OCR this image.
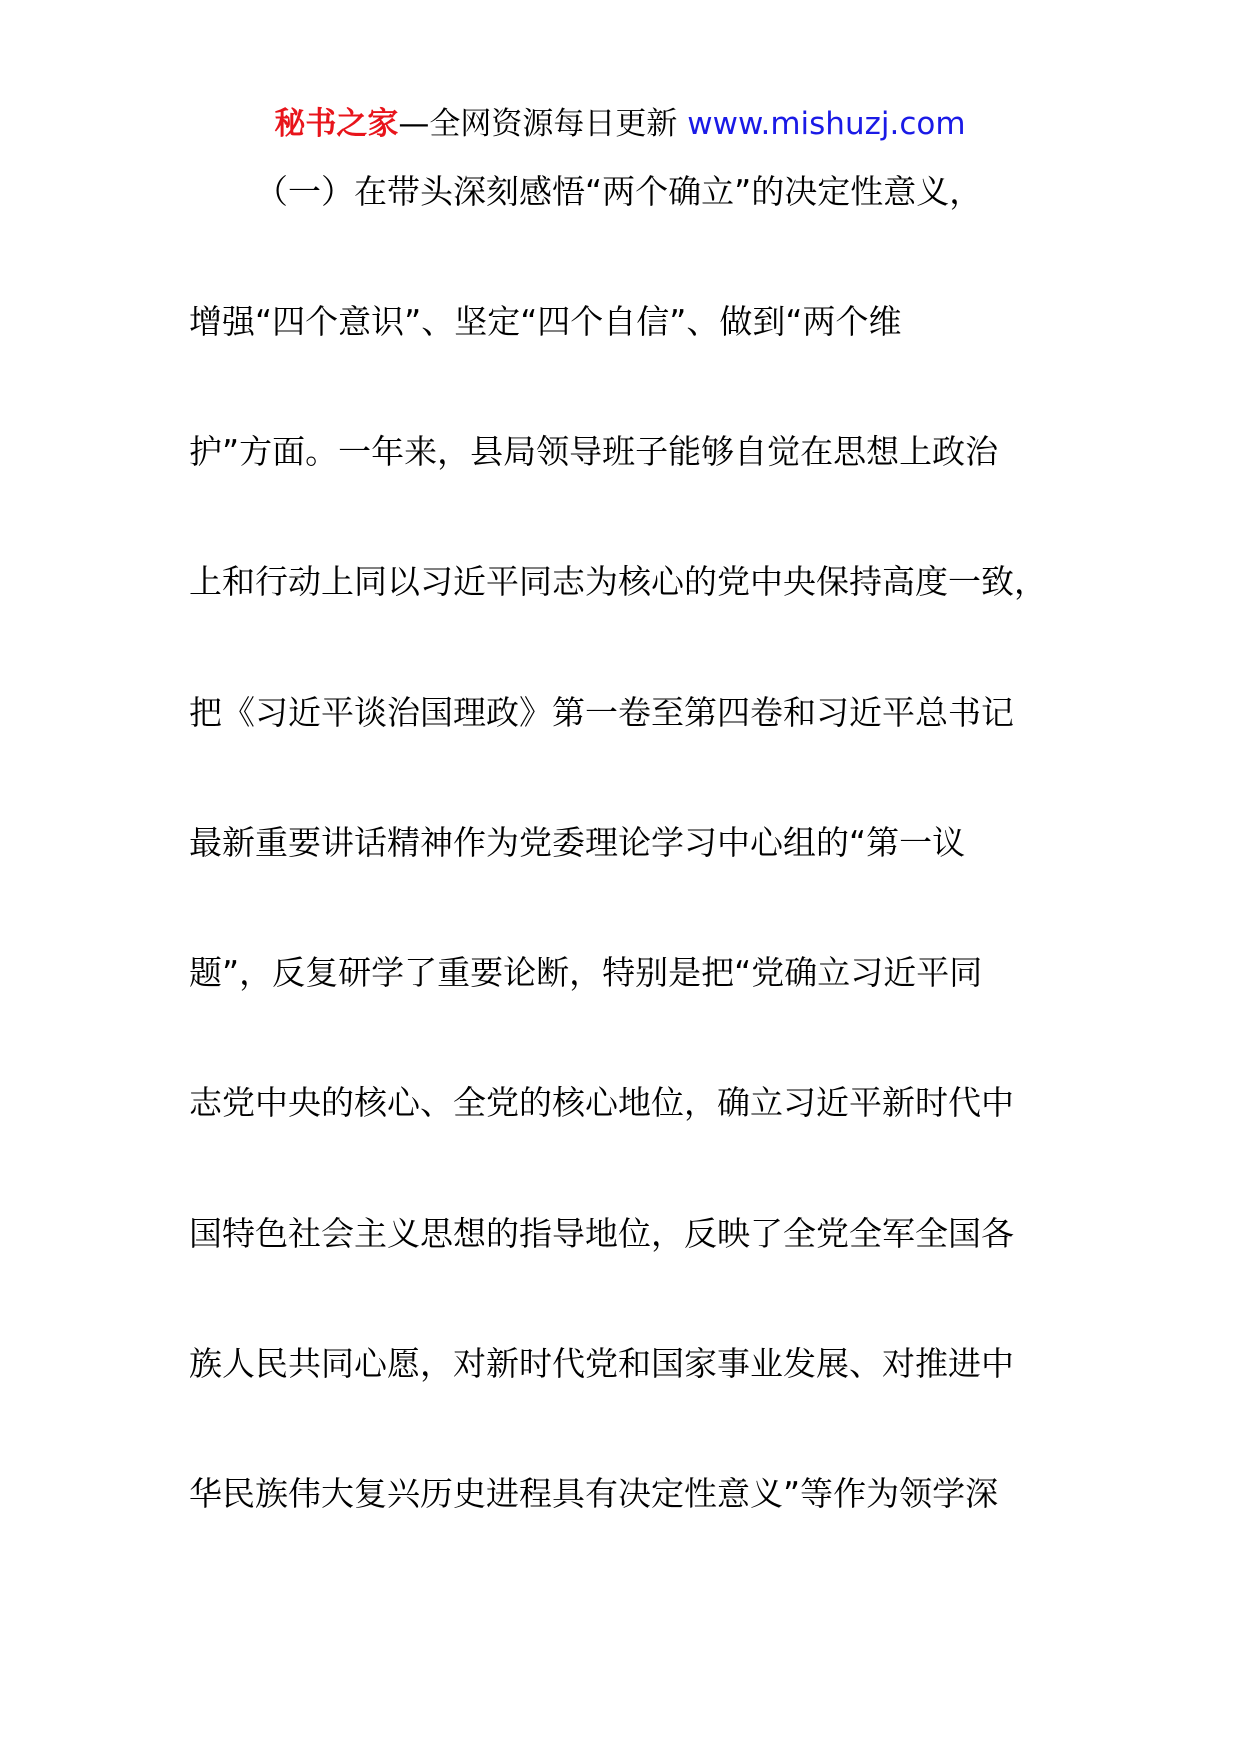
秘书之家—全网资源每日更新 www.mishuzj.com
（一）在带头深刻感悟“两个确立”的决定性意义，
增强“四个意识”、坚定“四个自信”、做到“两个维
护”方面。一年来，县局领导班子能够自觉在思想上政治
上和行动上同以习近平同志为核心的党中央保持高度一致，
把《习近平谈治国理政》第一卷至第四卷和习近平总书记
最新重要讲话精神作为党委理论学习中心组的“第一议
题”，反复研学了重要论断，特别是把“党确立习近平同
志党中央的核心、全党的核心地位，确立习近平新时代中
国特色社会主义思想的指导地位，反映了全党全军全国各
族人民共同心愿，对新时代党和国家事业发展、对推进中
华民族伟大复兴历史进程具有决定性意义”等作为领学深
